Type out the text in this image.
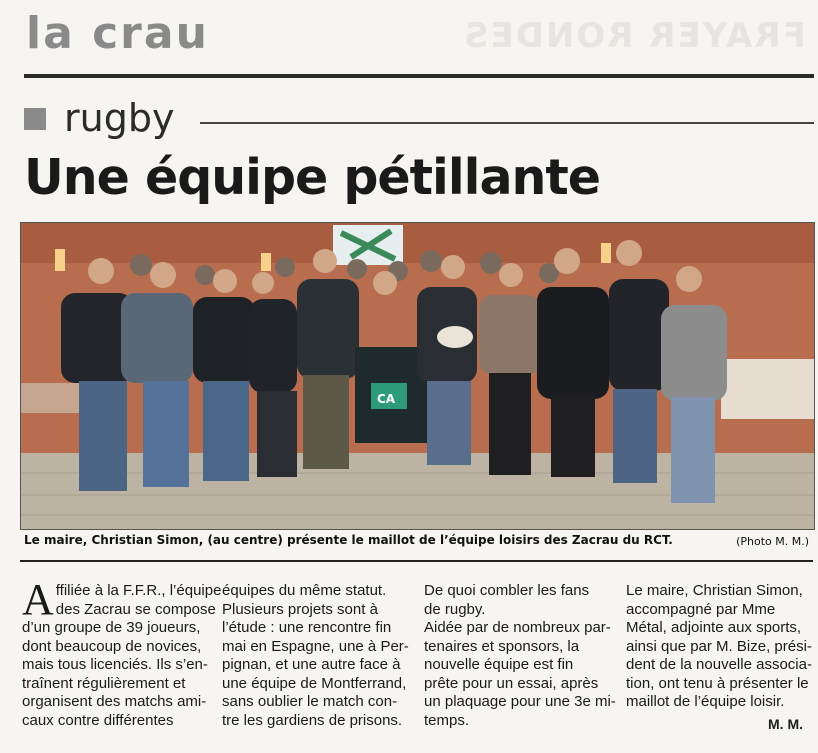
FRAYER RONDES
la crau
rugby
Une équipe pétillante
CA
Le maire, Christian Simon, (au centre) présente le maillot de l’équipe loisirs des Zacrau du RCT.	(Photo M. M.)
A ffiliée à la F.F.R., l’équipe

des Zacrau se compose

d’un groupe de 39 joueurs,

dont beaucoup de novices,

mais tous licenciés. Ils s’en-

traînent régulièrement et

organisent des matchs ami-

caux contre différentes

équipes du même statut.

Plusieurs projets sont à

l’étude : une rencontre fin

mai en Espagne, une à Per-

pignan, et une autre face à

une équipe de Montferrand,

sans oublier le match con-

tre les gardiens de prisons.

De quoi combler les fans

de rugby.

Aidée par de nombreux par-

tenaires et sponsors, la

nouvelle équipe est fin

prête pour un essai, après

un plaquage pour une 3e mi-

temps.

Le maire, Christian Simon,

accompagné par Mme

Métal, adjointe aux sports,

ainsi que par M. Bize, prési-

dent de la nouvelle associa-

tion, ont tenu à présenter le

maillot de l’équipe loisir.

M. M.
